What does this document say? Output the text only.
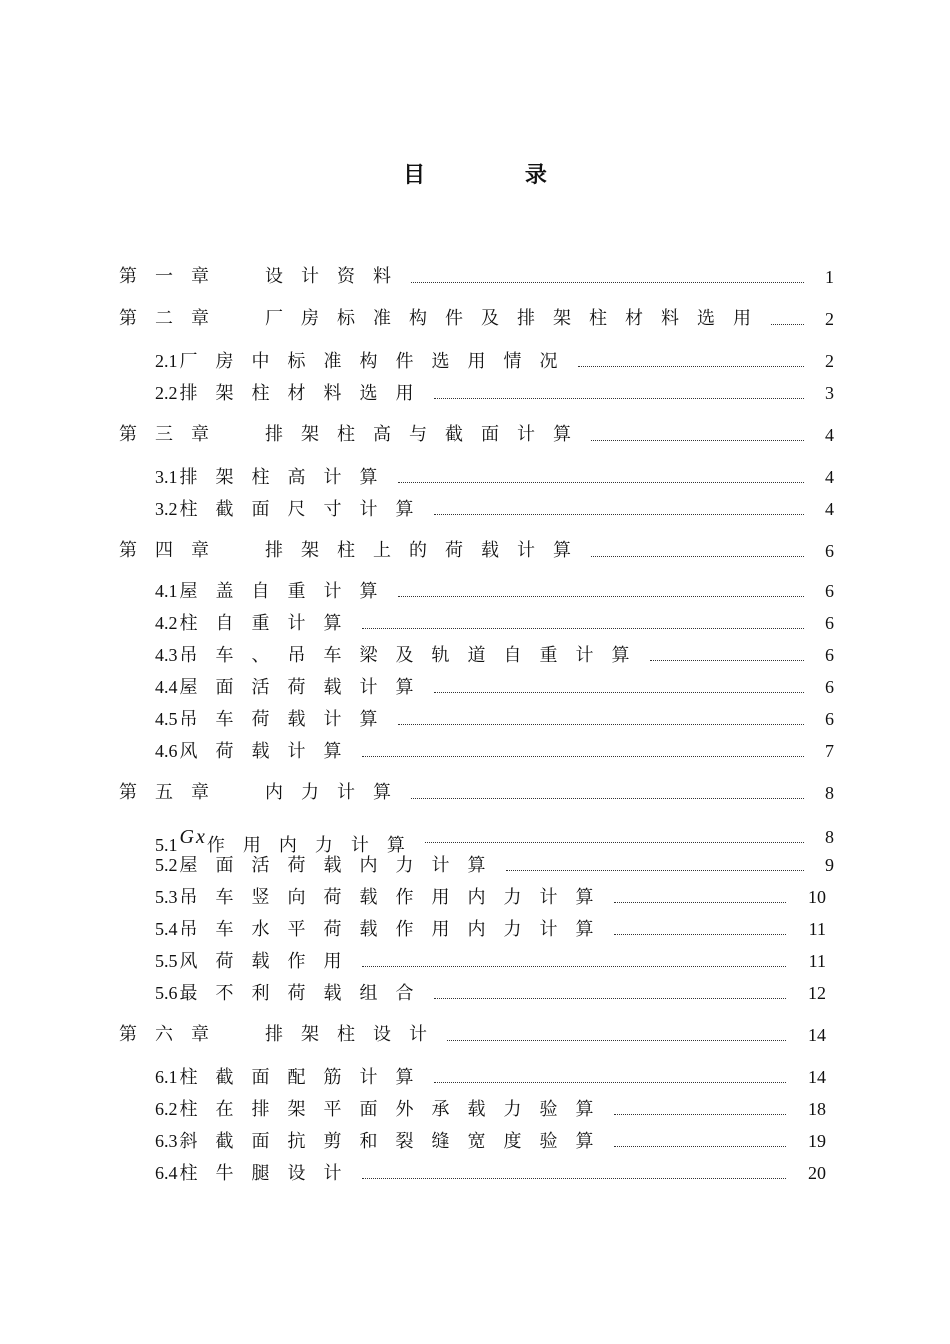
目 录
第一章 设计资料	1
第二章 厂房标准构件及排架柱材料选用	2
2.1 厂房中标准构件选用情况	2
2.2 排架柱材料选用	3
第三章 排架柱高与截面计算	4
3.1 排架柱高计算	4
3.2 柱截面尺寸计算	4
第四章 排架柱上的荷载计算	6
4.1 屋盖自重计算	6
4.2 柱自重计算	6
4.3 吊车、吊车梁及轨道自重计算	6
4.4 屋面活荷载计算	6
4.5 吊车荷载计算	6
4.6 风荷载计算	7
第五章 内力计算	8
5.1 $^{Gx}$作用内力计算	8
5.2 屋面活荷载内力计算	9
5.3 吊车竖向荷载作用内力计算	10
5.4 吊车水平荷载作用内力计算	11
5.5 风荷载作用	11
5.6 最不利荷载组合	12
第六章 排架柱设计	14
6.1 柱截面配筋计算	14
6.2 柱在排架平面外承载力验算	18
6.3 斜截面抗剪和裂缝宽度验算	19
6.4 柱牛腿设计	20
